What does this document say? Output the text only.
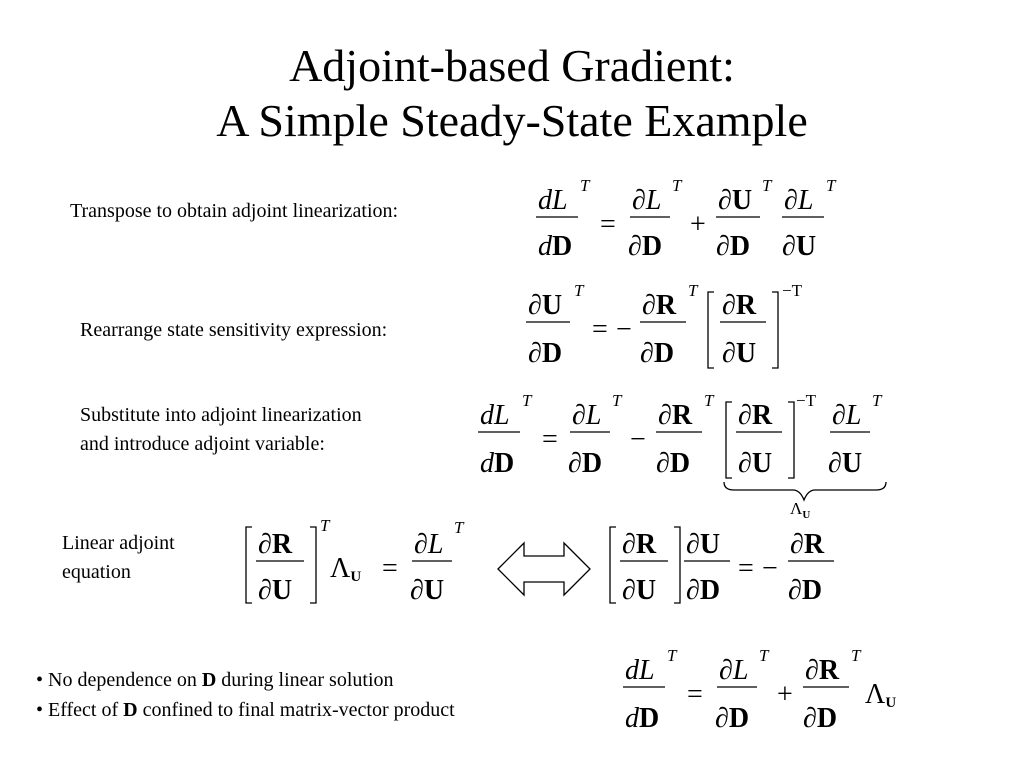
Adjoint-based Gradient:
A Simple Steady-State Example
Transpose to obtain adjoint linearization:
Rearrange state sensitivity expression:
Substitute into adjoint linearization
and introduce adjoint variable:
Linear adjoint
equation
dL T
dD
=
∂L T
∂D
+
∂U T
∂D
∂L T
∂U
∂U T
∂D
= −
∂R T
∂D
∂R
∂U
−T
dL T
dD
=
∂L T
∂D
−
∂R T
∂D
∂R
∂U
−T ∂L T
∂U
$\Lambda_U$
∂R
∂U
T
ΛU =
∂L
T
∂U
∂R
∂U
∂U
∂D
= −
∂R
∂D
• No dependence on D during linear solution
• Effect of D confined to final matrix-vector product
dL T
dD
=
∂L T
∂D
+
∂R T
∂D
ΛU
